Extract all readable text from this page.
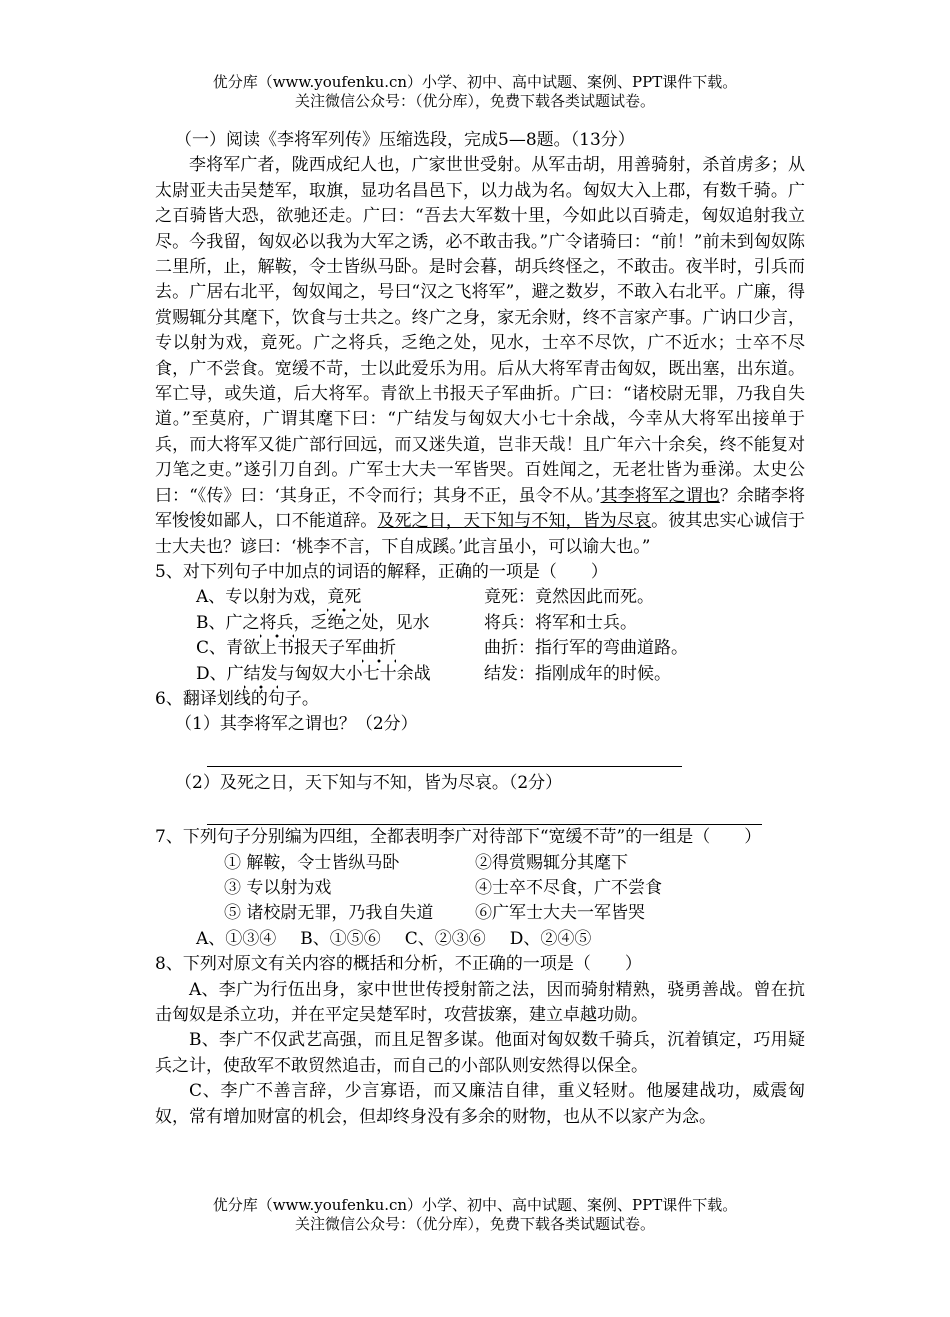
优分库（www.youfenku.cn）小学、初中、高中试题、案例、PPT课件下载。
关注微信公众号：（优分库），免费下载各类试题试卷。

（一）阅读《李将军列传》压缩选段，完成5—8题。（13分）

李将军广者，陇西成纪人也，广家世世受射。从军击胡，用善骑射，杀首虏多；从太尉亚夫击吴楚军，取旗，显功名昌邑下，以力战为名。匈奴大入上郡，有数千骑。广之百骑皆大恐，欲驰还走。广曰：“吾去大军数十里，今如此以百骑走，匈奴追射我立尽。今我留，匈奴必以我为大军之诱，必不敢击我。”广令诸骑曰：“前！”前未到匈奴陈二里所，止，解鞍，令士皆纵马卧。是时会暮，胡兵终怪之，不敢击。夜半时，引兵而去。广居右北平，匈奴闻之，号曰“汉之飞将军”，避之数岁，不敢入右北平。广廉，得赏赐辄分其麾下，饮食与士共之。终广之身，家无余财，终不言家产事。广讷口少言，专以射为戏，竟死。广之将兵，乏绝之处，见水，士卒不尽饮，广不近水；士卒不尽食，广不尝食。宽缓不苛，士以此爱乐为用。后从大将军青击匈奴，既出塞，出东道。军亡导，或失道，后大将军。青欲上书报天子军曲折。广曰：“诸校尉无罪，乃我自失道。”至莫府，广谓其麾下曰：“广结发与匈奴大小七十余战，今幸从大将军出接单于兵，而大将军又徙广部行回远，而又迷失道，岂非天哉！且广年六十余矣，终不能复对刀笔之吏。”遂引刀自刭。广军士大夫一军皆哭。百姓闻之，无老壮皆为垂涕。太史公曰：“《传》曰：‘其身正，不令而行；其身不正，虽令不从。’其李将军之谓也？余睹李将军悛悛如鄙人，口不能道辞。及死之日，天下知与不知，皆为尽哀。彼其忠实心诚信于士大夫也？谚曰：‘桃李不言，下自成蹊。’此言虽小，可以谕大也。”

5、对下列句子中加点的词语的解释，正确的一项是（　　）

A、专以射为戏，竟死	竟死：竟然因此而死。
B、广之将兵，乏绝之处，见水	将兵：将军和士兵。
C、青欲上书报天子军曲折	曲折：指行军的弯曲道路。
D、广结发与匈奴大小七十余战	结发：指刚成年的时候。

6、翻译划线的句子。

（1）其李将军之谓也？（2分）

（2）及死之日，天下知与不知，皆为尽哀。（2分）

7、下列句子分别编为四组，全都表明李广对待部下“宽缓不苛”的一组是（　　）

① 解鞍，令士皆纵马卧	②得赏赐辄分其麾下
③ 专以射为戏	④士卒不尽食，广不尝食
⑤ 诸校尉无罪，乃我自失道	⑥广军士大夫一军皆哭
A、①③④ B、①⑤⑥ C、②③⑥ D、②④⑤

8、下列对原文有关内容的概括和分析，不正确的一项是（　　）

A、李广为行伍出身，家中世世传授射箭之法，因而骑射精熟，骁勇善战。曾在抗击匈奴是杀立功，并在平定吴楚军时，攻营拔寨，建立卓越功勋。

B、李广不仅武艺高强，而且足智多谋。他面对匈奴数千骑兵，沉着镇定，巧用疑兵之计，使敌军不敢贸然追击，而自己的小部队则安然得以保全。

C、李广不善言辞，少言寡语，而又廉洁自律，重义轻财。他屡建战功，威震匈奴，常有增加财富的机会，但却终身没有多余的财物，也从不以家产为念。

优分库（www.youfenku.cn）小学、初中、高中试题、案例、PPT课件下载。
关注微信公众号：（优分库），免费下载各类试题试卷。
